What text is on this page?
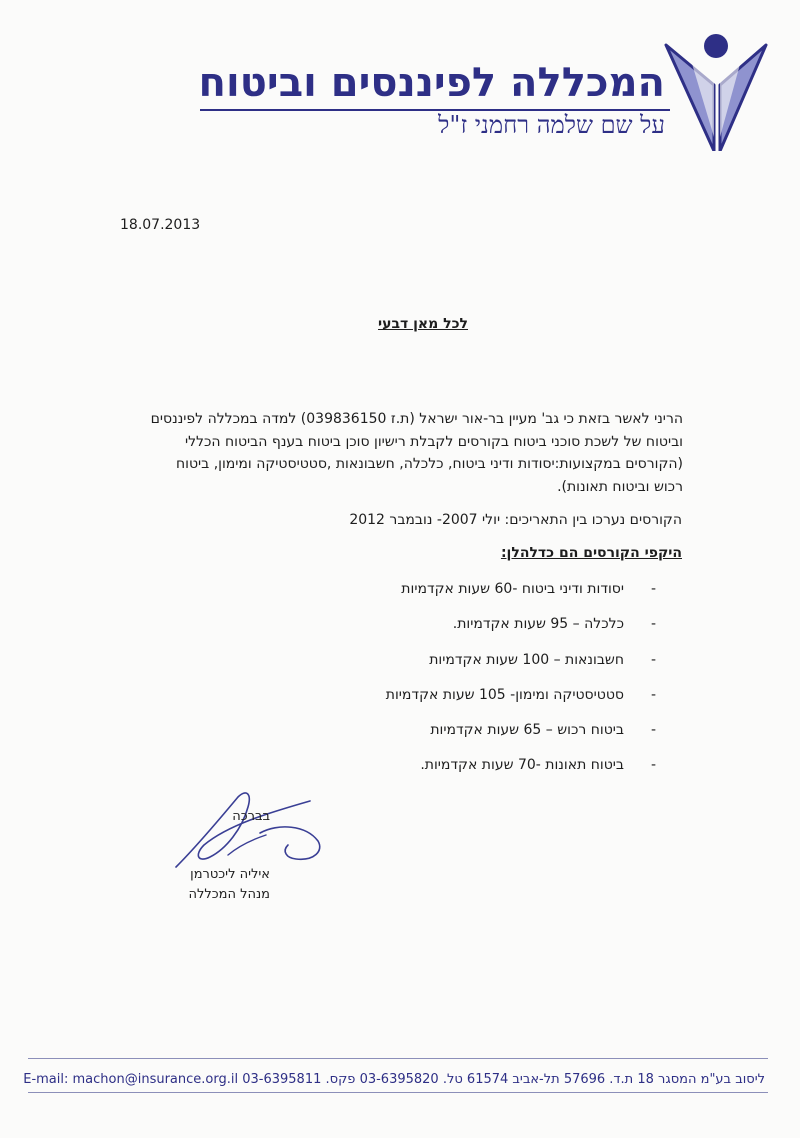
המכללה לפיננסים וביטוח
על שם שלמה רחמני ז"ל
18.07.2013
לכל מאן דבעי
הריני לאשר בזאת כי גב' מעיין בר-אור ישראל (ת.ז 039836150) למדה במכללה לפיננסים
וביטוח של לשכת סוכני ביטוח בקורסים לקבלת רישיון סוכן ביטוח בענף הביטוח הכללי
(הקורסים במקצועות:יסודות ודיני ביטוח, כלכלה, חשבונאות ,סטטיסטיקה ומימון, ביטוח
רכוש וביטוח תאונות).
הקורסים נערכו בין התאריכים: יולי 2007- נובמבר 2012
היקפי הקורסים הם כדלהלן:
-
יסודות ודיני ביטוח -60 שעות אקדמיות
-
כלכלה – 95 שעות אקדמיות.
-
חשבונאות – 100 שעות אקדמיות
-
סטטיסטיקה ומימון- 105 שעות אקדמיות
-
ביטוח רכוש – 65 שעות אקדמיות
-
ביטוח תאונות -70 שעות אקדמיות.
בברכה
איליה ליכטרמן
מנהל המכללה
ליסוב בע"מ המסגר 18 ת.ד. 57696 תל-אביב 61574 טל. 03-6395820 פקס. 03-6395811 E-mail: machon@insurance.org.il
